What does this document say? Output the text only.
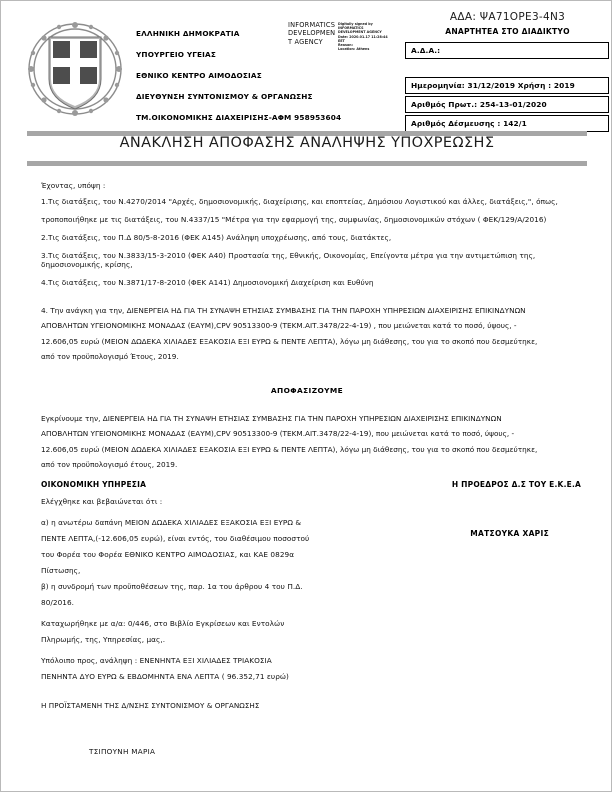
ΕΛΛΗΝΙΚΗ ΔΗΜΟΚΡΑΤΙΑ
ΥΠΟΥΡΓΕΙΟ ΥΓΕΙΑΣ
ΕΘΝΙΚΟ ΚΕΝΤΡΟ ΑΙΜΟΔΟΣΙΑΣ
ΔΙΕΥΘΥΝΣΗ ΣΥΝΤΟΝΙΣΜΟΥ & ΟΡΓΑΝΩΣΗΣ
ΤΜ.ΟΙΚΟΝΟΜΙΚΗΣ ΔΙΑΧΕΙΡΙΣΗΣ-ΑΦΜ 958953604
INFORMATICS
DEVELOPMEN
T AGENCY
Digitally signed by
INFORMATICS
DEVELOPMENT AGENCY
Date: 2020.01.17 11:28:44
EET
Reason:
Location: Athens
ΑΔΑ: ΨΑ71ΟΡΕ3-4Ν3
ΑΝΑΡΤΗΤΕΑ ΣΤΟ ΔΙΑΔΙΚΤΥΟ
Α.Δ.Α.:
Ημερομηνία: 31/12/2019 Χρήση : 2019
Αριθμός Πρωτ.: 254-13-01/2020
Αριθμός Δέσμευσης : 142/1
ΑΝΑΚΛΗΣΗ ΑΠΟΦΑΣΗΣ ΑΝΑΛΗΨΗΣ ΥΠΟΧΡΕΩΣΗΣ
Έχοντας, υπόψη :
1.Τις διατάξεις, του Ν.4270/2014 "Αρχές, δημοσιονομικής, διαχείρισης, και εποπτείας, Δημόσιου Λογιστικού και άλλες, διατάξεις,", όπως,
τροποποιήθηκε με τις διατάξεις, του Ν.4337/15 "Μέτρα για την εφαρμογή της, συμφωνίας, δημοσιονομικών στόχων ( ΦΕΚ/129/Α/2016)
2.Τις διατάξεις, του Π.Δ 80/5-8-2016 (ΦΕΚ Α145) Ανάληψη υποχρέωσης, από τους, διατάκτες,
3.Τις διατάξεις, του Ν.3833/15-3-2010 (ΦΕΚ Α40) Προστασία της, Εθνικής, Οικονομίας, Επείγοντα μέτρα για την αντιμετώπιση της,
δημοσιονομικής, κρίσης,
4.Τις διατάξεις, του Ν.3871/17-8-2010 (ΦΕΚ Α141) Δημοσιονομική Διαχείριση και Ευθύνη
4. Την ανάγκη για την, ΔΙΕΝΕΡΓΕΙΑ ΗΔ ΓΙΑ ΤΗ ΣΥΝΑΨΗ ΕΤΗΣΙΑΣ ΣΥΜΒΑΣΗΣ ΓΙΑ ΤΗΝ ΠΑΡΟΧΗ ΥΠΗΡΕΣΙΩΝ ΔΙΑΧΕΙΡΙΣΗΣ ΕΠΙΚΙΝΔΥΝΩΝ
ΑΠΟΒΛΗΤΩΝ ΥΓΕΙΟΝΟΜΙΚΗΣ ΜΟΝΑΔΑΣ (ΕΑΥΜ),CPV 90513300-9 (ΤΕΚΜ.ΑΙΤ.3478/22-4-19) , που μειώνεται κατά το ποσό, ύψους, -
12.606,05 ευρώ (ΜΕΙΟΝ ΔΩΔΕΚΑ ΧΙΛΙΑΔΕΣ ΕΞΑΚΟΣΙΑ ΕΞΙ ΕΥΡΩ & ΠΕΝΤΕ ΛΕΠΤΑ), λόγω μη διάθεσης, του για το σκοπό που δεσμεύτηκε,
από τον προϋπολογισμό Έτους, 2019.
ΑΠΟΦΑΣΙΖΟΥΜΕ
Εγκρίνουμε την, ΔΙΕΝΕΡΓΕΙΑ ΗΔ ΓΙΑ ΤΗ ΣΥΝΑΨΗ ΕΤΗΣΙΑΣ ΣΥΜΒΑΣΗΣ ΓΙΑ ΤΗΝ ΠΑΡΟΧΗ ΥΠΗΡΕΣΙΩΝ ΔΙΑΧΕΙΡΙΣΗΣ ΕΠΙΚΙΝΔΥΝΩΝ
ΑΠΟΒΛΗΤΩΝ ΥΓΕΙΟΝΟΜΙΚΗΣ ΜΟΝΑΔΑΣ (ΕΑΥΜ),CPV 90513300-9 (ΤΕΚΜ.ΑΙΤ.3478/22-4-19), που μειώνεται κατά το ποσό, ύψους, -
12.606,05 ευρώ (ΜΕΙΟΝ ΔΩΔΕΚΑ ΧΙΛΙΑΔΕΣ ΕΞΑΚΟΣΙΑ ΕΞΙ ΕΥΡΩ & ΠΕΝΤΕ ΛΕΠΤΑ), λόγω μη διάθεσης, του για το σκοπό που δεσμεύτηκε,
από τον προϋπολογισμό έτους, 2019.
ΟΙΚΟΝΟΜΙΚΗ ΥΠΗΡΕΣΙΑ	Η ΠΡΟΕΔΡΟΣ Δ.Σ ΤΟΥ Ε.Κ.Ε.Α
Ελέγχθηκε και βεβαιώνεται ότι :
α) η ανωτέρω δαπάνη ΜΕΙΟΝ ΔΩΔΕΚΑ ΧΙΛΙΑΔΕΣ ΕΞΑΚΟΣΙΑ ΕΞΙ ΕΥΡΩ &
ΠΕΝΤΕ ΛΕΠΤΑ,(-12.606,05 ευρώ), είναι εντός, του διαθέσιμου ποσοστού
του Φορέα του Φορέα ΕΘΝΙΚΟ ΚΕΝΤΡΟ ΑΙΜΟΔΟΣΙΑΣ, και ΚΑΕ 0829α
Πίστωσης,
β) η συνδρομή των προϋποθέσεων της, παρ. 1α του άρθρου 4 του Π.Δ.
80/2016.
Καταχωρήθηκε με α/α: 0/446, στο Βιβλίο Εγκρίσεων και Εντολών
Πληρωμής, της, Υπηρεσίας, μας,.
Υπόλοιπο προς, ανάληψη : ΕΝΕΝΗΝΤΑ ΕΞΙ ΧΙΛΙΑΔΕΣ ΤΡΙΑΚΟΣΙΑ
ΠΕΝΗΝΤΑ ΔΥΟ ΕΥΡΩ & ΕΒΔΟΜΗΝΤΑ ΕΝΑ ΛΕΠΤΑ ( 96.352,71 ευρώ)
ΜΑΤΣΟΥΚΑ ΧΑΡΙΣ
Η ΠΡΟΪΣΤΑΜΕΝΗ ΤΗΣ Δ/ΝΣΗΣ ΣΥΝΤΟΝΙΣΜΟΥ & ΟΡΓΑΝΩΣΗΣ
ΤΣΙΠΟΥΝΗ ΜΑΡΙΑ
